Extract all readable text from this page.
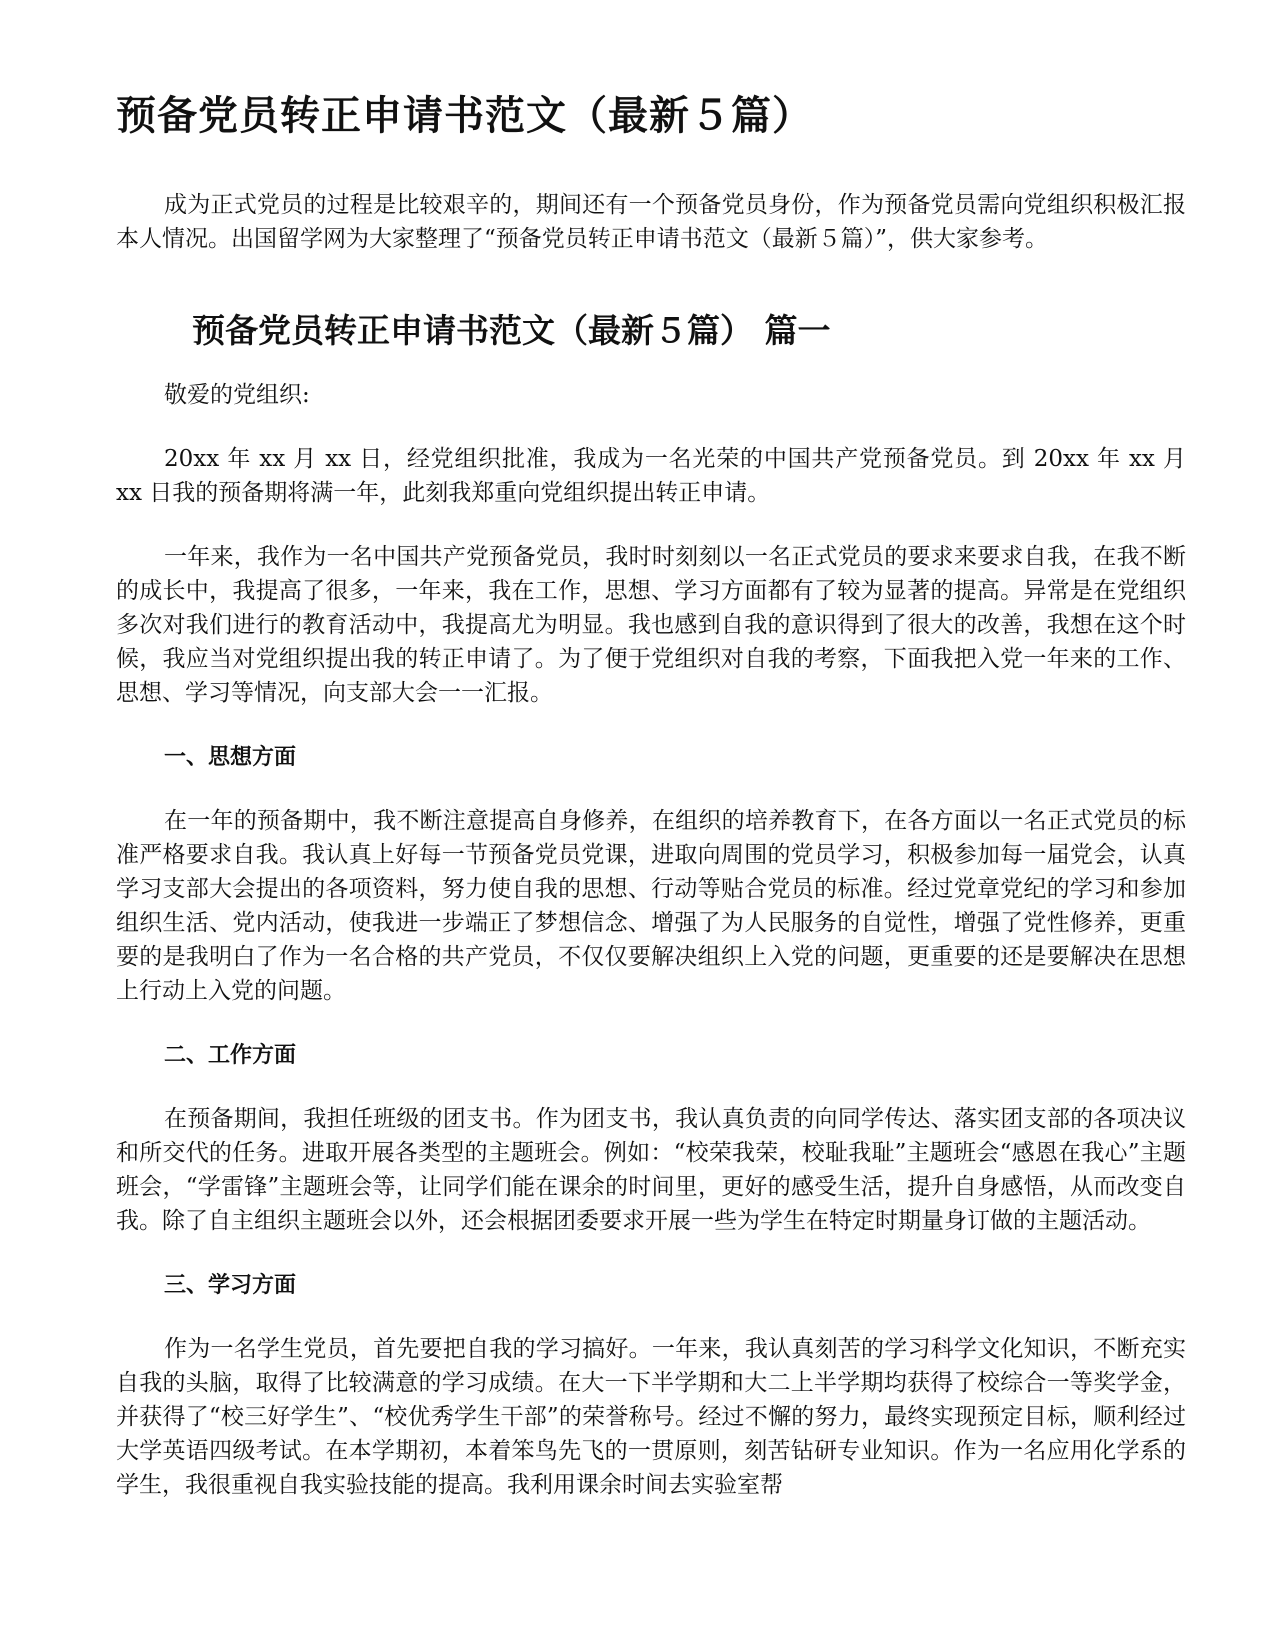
预备党员转正申请书范文（最新５篇）

成为正式党员的过程是比较艰辛的，期间还有一个预备党员身份，作为预备党员需向党组织积极汇报本人情况。出国留学网为大家整理了“预备党员转正申请书范文（最新５篇）”，供大家参考。

预备党员转正申请书范文（最新５篇） 篇一

敬爱的党组织:

20xx 年 xx 月 xx 日，经党组织批准，我成为一名光荣的中国共产党预备党员。到 20xx 年 xx 月 xx 日我的预备期将满一年，此刻我郑重向党组织提出转正申请。

一年来，我作为一名中国共产党预备党员，我时时刻刻以一名正式党员的要求来要求自我，在我不断的成长中，我提高了很多，一年来，我在工作，思想、学习方面都有了较为显著的提高。异常是在党组织多次对我们进行的教育活动中，我提高尤为明显。我也感到自我的意识得到了很大的改善，我想在这个时候，我应当对党组织提出我的转正申请了。为了便于党组织对自我的考察，下面我把入党一年来的工作、思想、学习等情况，向支部大会一一汇报。

一、思想方面

在一年的预备期中，我不断注意提高自身修养，在组织的培养教育下，在各方面以一名正式党员的标准严格要求自我。我认真上好每一节预备党员党课，进取向周围的党员学习，积极参加每一届党会，认真学习支部大会提出的各项资料，努力使自我的思想、行动等贴合党员的标准。经过党章党纪的学习和参加组织生活、党内活动，使我进一步端正了梦想信念、增强了为人民服务的自觉性，增强了党性修养，更重要的是我明白了作为一名合格的共产党员，不仅仅要解决组织上入党的问题，更重要的还是要解决在思想上行动上入党的问题。

二、工作方面

在预备期间，我担任班级的团支书。作为团支书，我认真负责的向同学传达、落实团支部的各项决议和所交代的任务。进取开展各类型的主题班会。例如：“校荣我荣，校耻我耻”主题班会“感恩在我心”主题班会，“学雷锋”主题班会等，让同学们能在课余的时间里，更好的感受生活，提升自身感悟，从而改变自我。除了自主组织主题班会以外，还会根据团委要求开展一些为学生在特定时期量身订做的主题活动。

三、学习方面

作为一名学生党员，首先要把自我的学习搞好。一年来，我认真刻苦的学习科学文化知识，不断充实自我的头脑，取得了比较满意的学习成绩。在大一下半学期和大二上半学期均获得了校综合一等奖学金，并获得了“校三好学生”、“校优秀学生干部”的荣誉称号。经过不懈的努力，最终实现预定目标，顺利经过大学英语四级考试。在本学期初，本着笨鸟先飞的一贯原则，刻苦钻研专业知识。作为一名应用化学系的学生，我很重视自我实验技能的提高。我利用课余时间去实验室帮
